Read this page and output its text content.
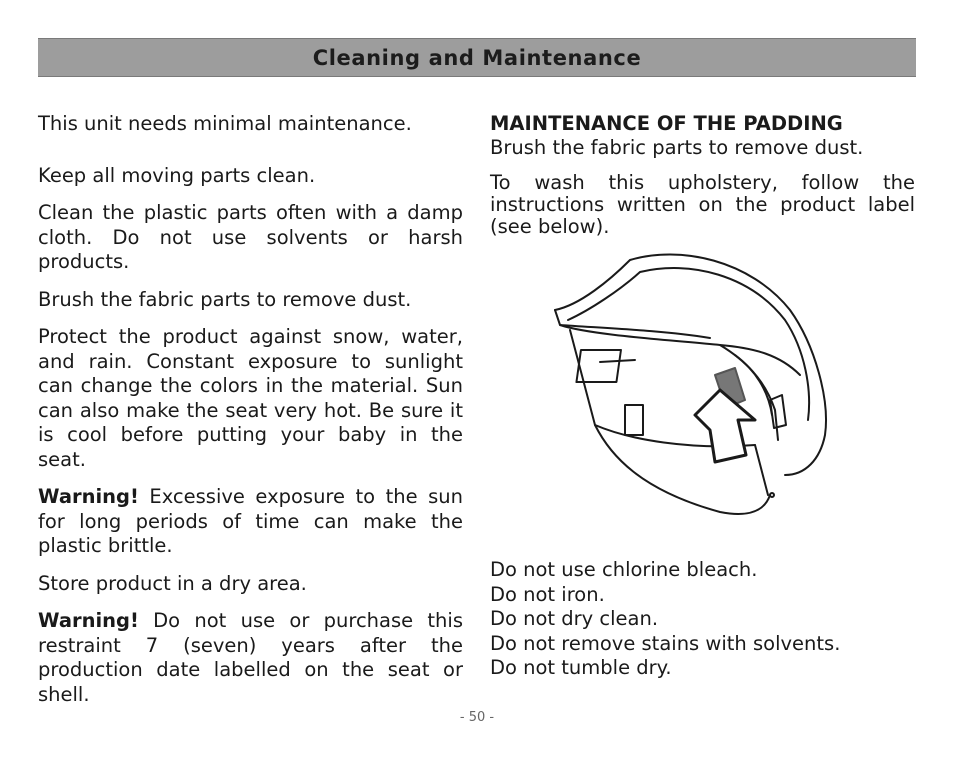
Cleaning and Maintenance

This unit needs minimal maintenance.

Keep all moving parts clean.

Clean the plastic parts often with a damp cloth. Do not use solvents or harsh products.

Brush the fabric parts to remove dust.

Protect the product against snow, water, and rain. Constant exposure to sunlight can change the colors in the material. Sun can also make the seat very hot. Be sure it is cool before putting your baby in the seat.

Warning! Excessive exposure to the sun for long periods of time can make the plastic brittle.

Store product in a dry area.

Warning! Do not use or purchase this restraint 7 (seven) years after the production date labelled on the seat or shell.

MAINTENANCE OF THE PADDING

Brush the fabric parts to remove dust.

To wash this upholstery, follow the instructions written on the product label (see below).

Do not use chlorine bleach.
Do not iron.
Do not dry clean.
Do not remove stains with solvents.
Do not tumble dry.
- 50 -
